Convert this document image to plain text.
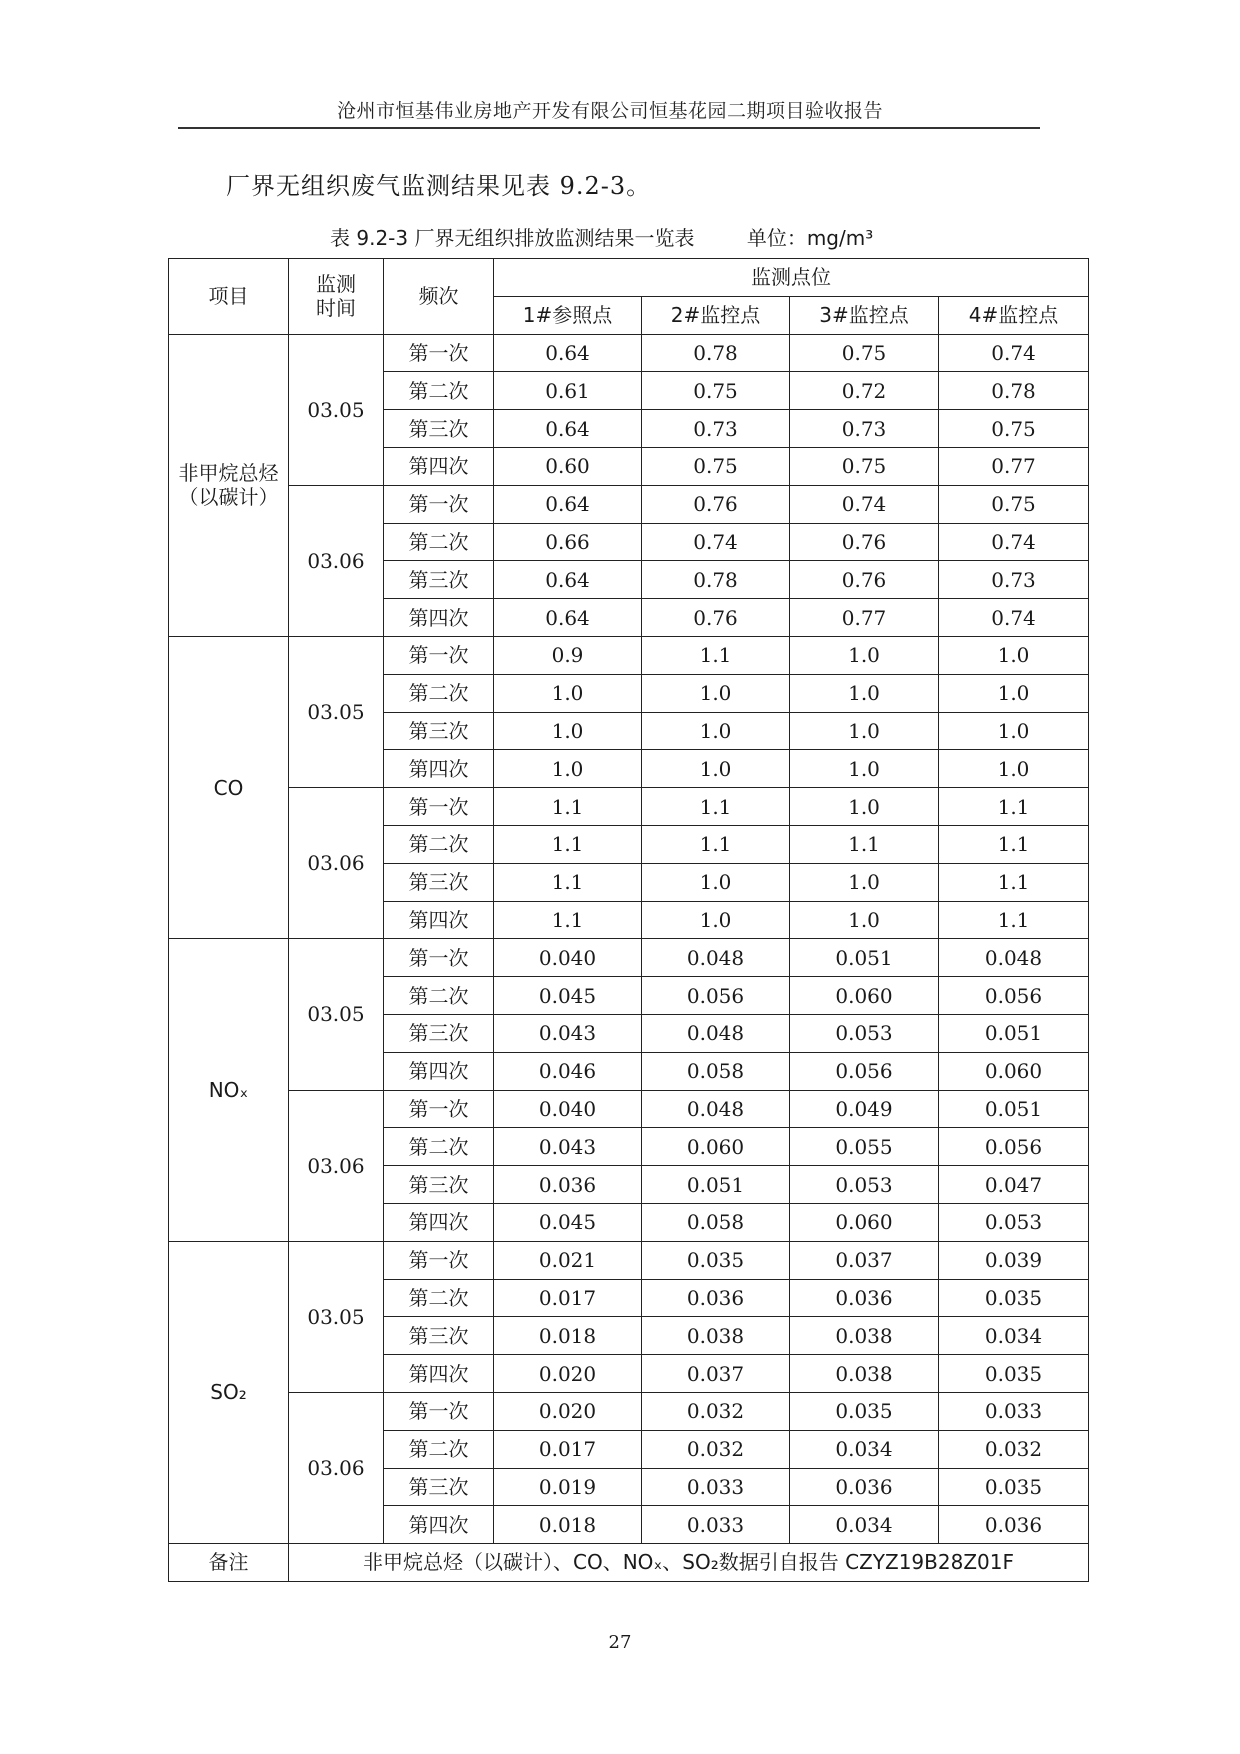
沧州市恒基伟业房地产开发有限公司恒基花园二期项目验收报告
厂界无组织废气监测结果见表 9.2-3。
表 9.2-3 厂界无组织排放监测结果一览表	单位：mg/m³
项目	监测
时间	频次	监测点位			
			1#参照点	2#监控点	3#监控点	4#监控点
非甲烷总烃（以碳计）	03.05	第一次	0.64	0.78	0.75	0.74
		第二次	0.61	0.75	0.72	0.78
		第三次	0.64	0.73	0.73	0.75
		第四次	0.60	0.75	0.75	0.77
	03.06	第一次	0.64	0.76	0.74	0.75
		第二次	0.66	0.74	0.76	0.74
		第三次	0.64	0.78	0.76	0.73
		第四次	0.64	0.76	0.77	0.74
CO	03.05	第一次	0.9	1.1	1.0	1.0
		第二次	1.0	1.0	1.0	1.0
		第三次	1.0	1.0	1.0	1.0
		第四次	1.0	1.0	1.0	1.0
	03.06	第一次	1.1	1.1	1.0	1.1
		第二次	1.1	1.1	1.1	1.1
		第三次	1.1	1.0	1.0	1.1
		第四次	1.1	1.0	1.0	1.1
NOₓ	03.05	第一次	0.040	0.048	0.051	0.048
		第二次	0.045	0.056	0.060	0.056
		第三次	0.043	0.048	0.053	0.051
		第四次	0.046	0.058	0.056	0.060
	03.06	第一次	0.040	0.048	0.049	0.051
		第二次	0.043	0.060	0.055	0.056
		第三次	0.036	0.051	0.053	0.047
		第四次	0.045	0.058	0.060	0.053
SO₂	03.05	第一次	0.021	0.035	0.037	0.039
		第二次	0.017	0.036	0.036	0.035
		第三次	0.018	0.038	0.038	0.034
		第四次	0.020	0.037	0.038	0.035
	03.06	第一次	0.020	0.032	0.035	0.033
		第二次	0.017	0.032	0.034	0.032
		第三次	0.019	0.033	0.036	0.035
		第四次	0.018	0.033	0.034	0.036
备注	非甲烷总烃（以碳计）、CO、NOₓ、SO₂数据引自报告 CZYZ19B28Z01F					
27
